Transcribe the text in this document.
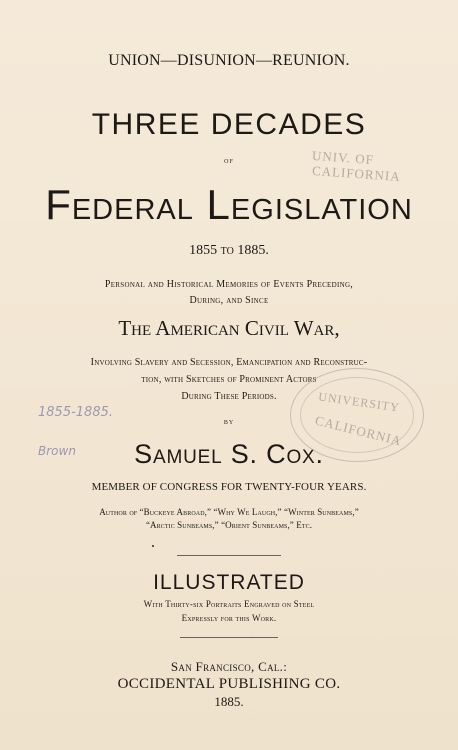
UNION—DISUNION—REUNION.
THREE DECADES
OF
Federal Legislation
1855 to 1885.
Personal and Historical Memories of Events Preceding,
During, and Since
The American Civil War,
Involving Slavery and Secession, Emancipation and Reconstruc-
tion, with Sketches of Prominent Actors
During These Periods.
BY
Samuel S. Cox.
MEMBER OF CONGRESS FOR TWENTY-FOUR YEARS.
Author of “Buckeye Abroad,” “Why We Laugh,” “Winter Sunbeams,”
“Arctic Sunbeams,” “Orient Sunbeams,” Etc.
ILLUSTRATED
With Thirty-six Portraits Engraved on Steel
Expressly for this Work.
San Francisco, Cal.:
OCCIDENTAL PUBLISHING CO.
1885.
UNIV. OF
CALIFORNIA
UNIVERSITY
CALIFORNIA
1855-1885.
Brown
